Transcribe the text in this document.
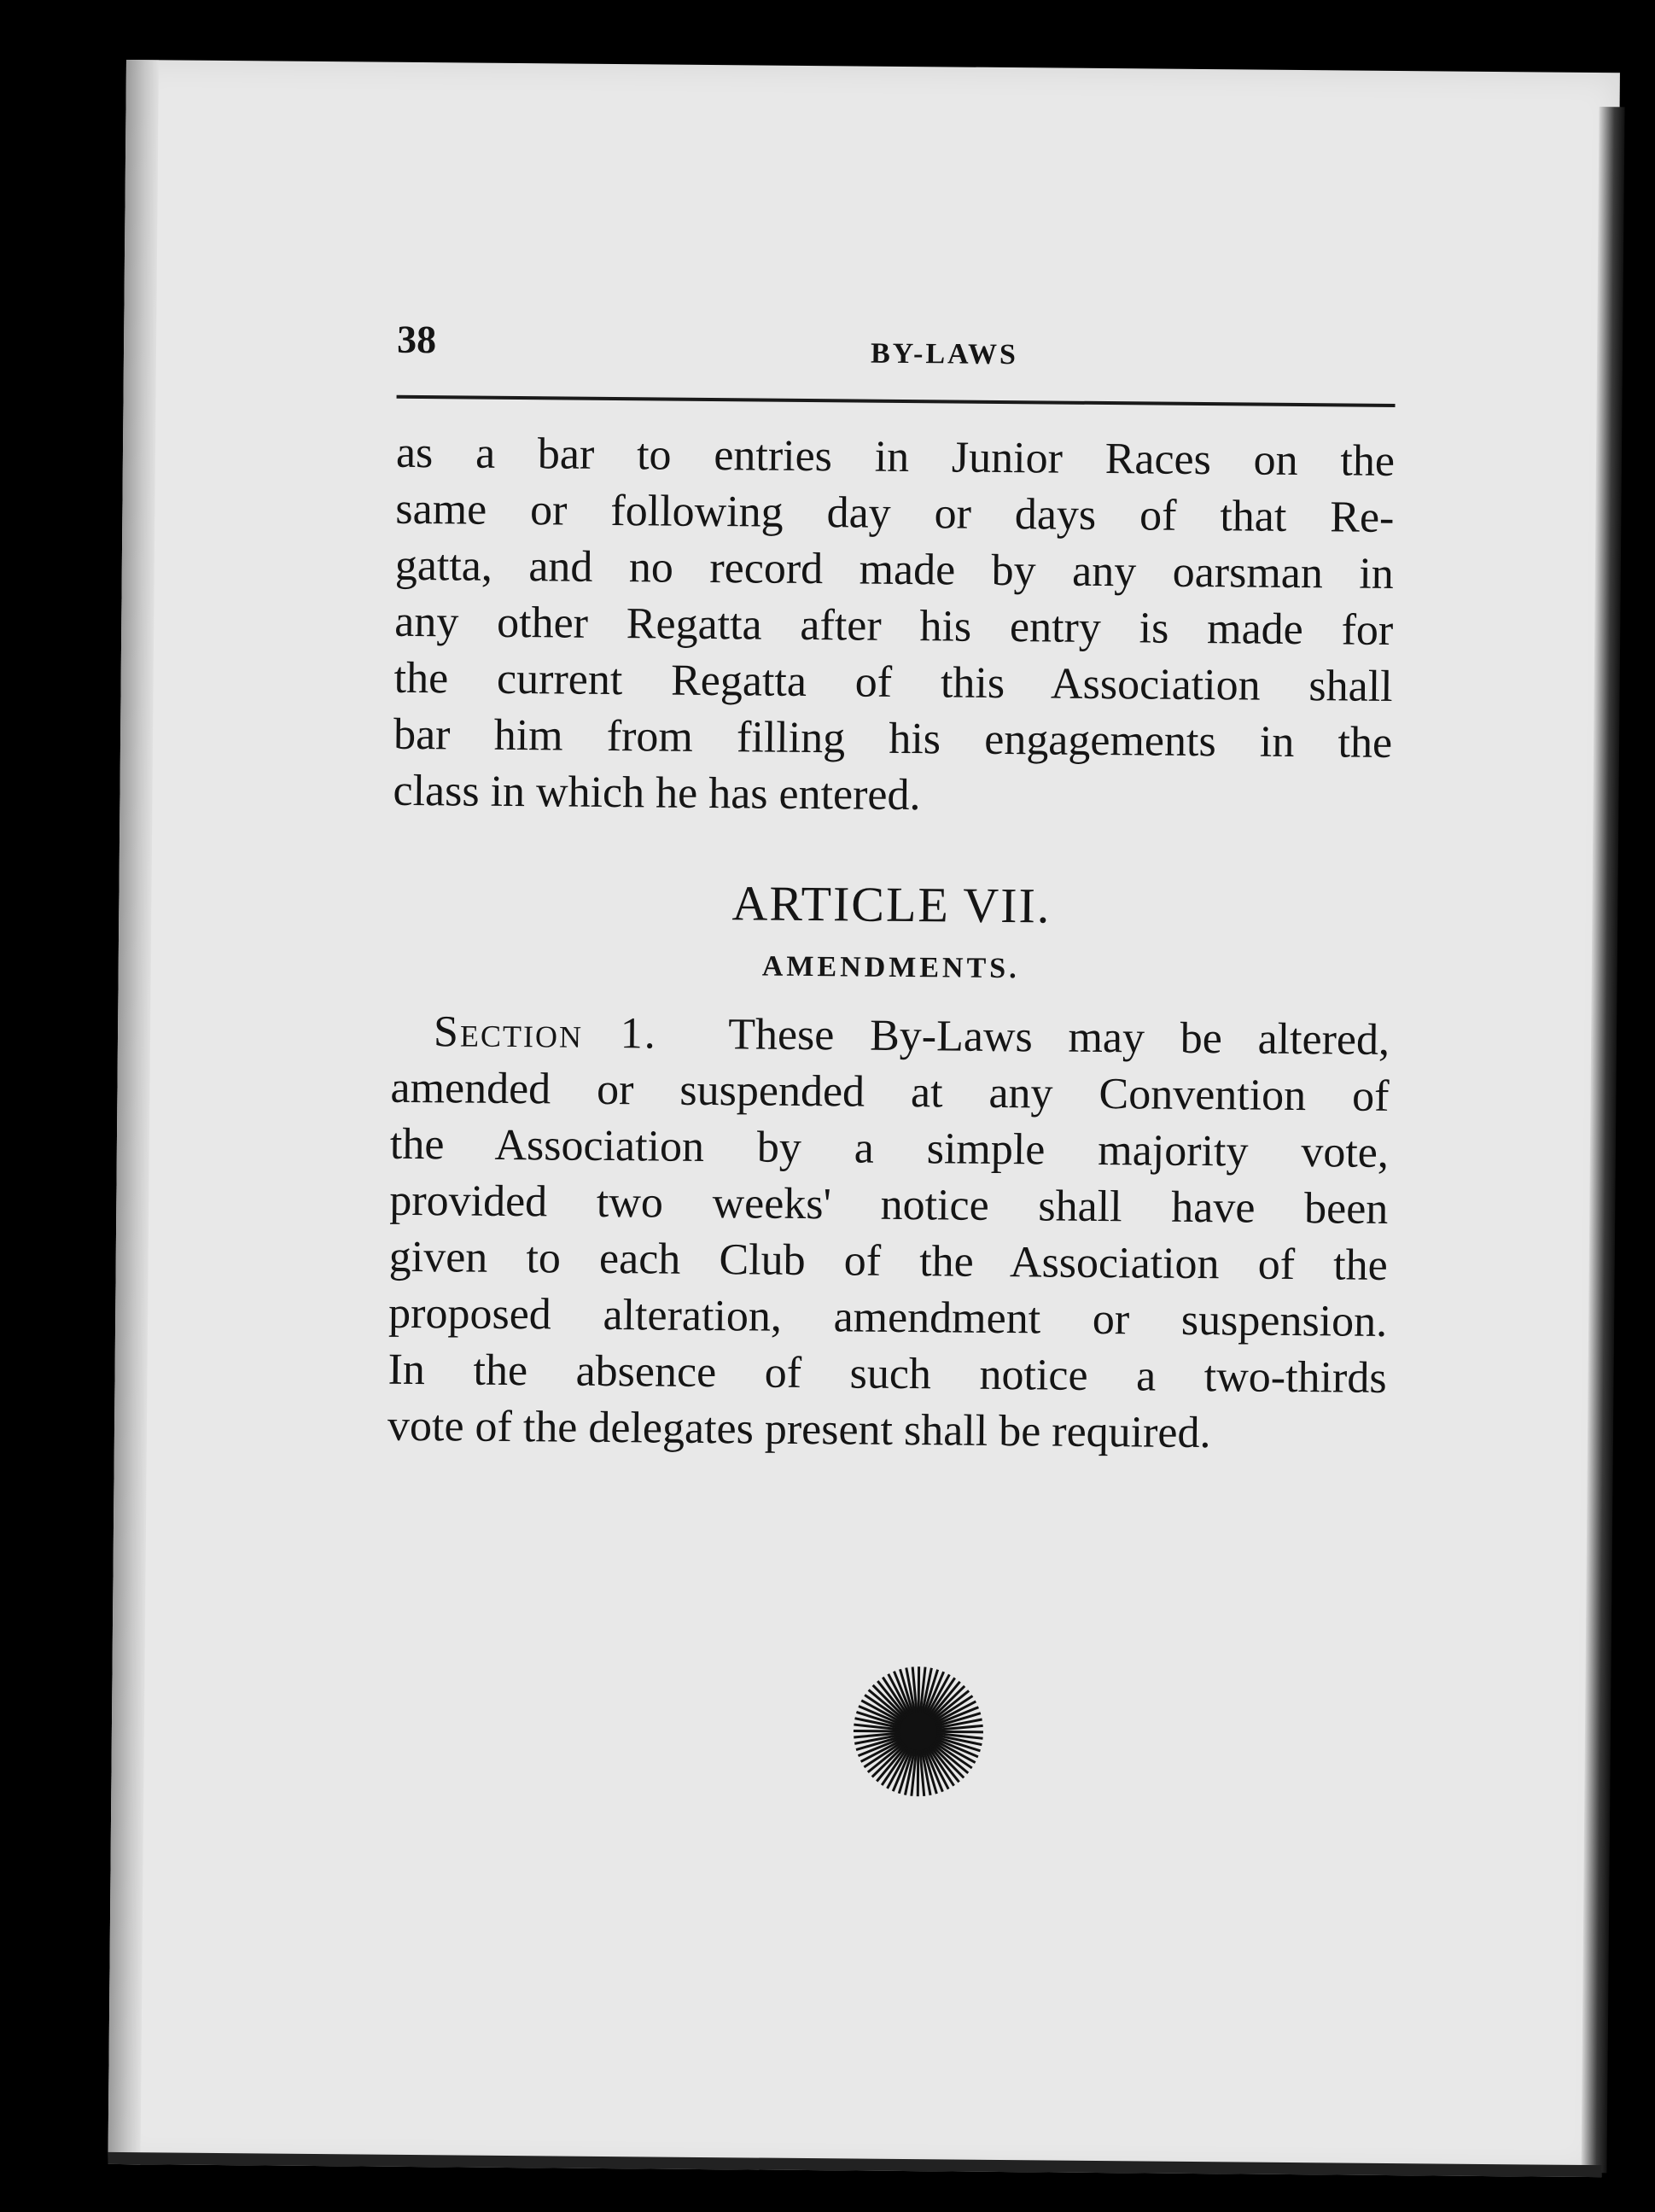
38	BY-LAWS

as a bar to entries in Junior Races on the
same or following day or days of that Re-
gatta, and no record made by any oarsman in
any other Regatta after his entry is made for
the current Regatta of this Association shall
bar him from filling his engagements in the
class in which he has entered.

ARTICLE VII.
AMENDMENTS.

Section 1. These By-Laws may be altered,
amended or suspended at any Convention of
the Association by a simple majority vote,
provided two weeks' notice shall have been
given to each Club of the Association of the
proposed alteration, amendment or suspension.
In the absence of such notice a two-thirds
vote of the delegates present shall be required.
